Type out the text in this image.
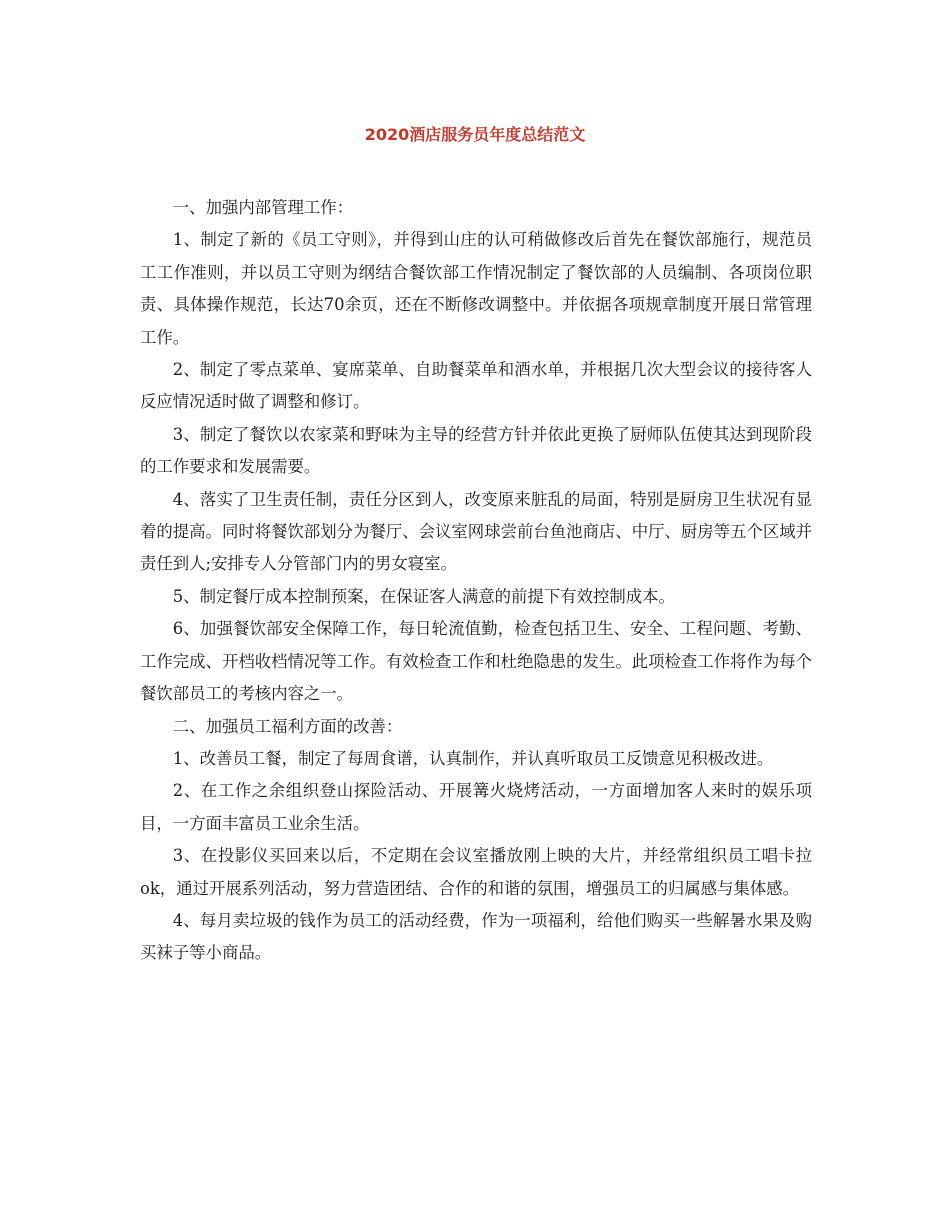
2020酒店服务员年度总结范文

一、加强内部管理工作：

1、制定了新的《员工守则》，并得到山庄的认可稍做修改后首先在餐饮部施行，规范员工工作准则，并以员工守则为纲结合餐饮部工作情况制定了餐饮部的人员编制、各项岗位职责、具体操作规范，长达70余页，还在不断修改调整中。并依据各项规章制度开展日常管理工作。

2、制定了零点菜单、宴席菜单、自助餐菜单和酒水单，并根据几次大型会议的接待客人反应情况适时做了调整和修订。

3、制定了餐饮以农家菜和野味为主导的经营方针并依此更换了厨师队伍使其达到现阶段的工作要求和发展需要。

4、落实了卫生责任制，责任分区到人，改变原来脏乱的局面，特别是厨房卫生状况有显着的提高。同时将餐饮部划分为餐厅、会议室网球尝前台鱼池商店、中厅、厨房等五个区域并责任到人;安排专人分管部门内的男女寝室。

5、制定餐厅成本控制预案，在保证客人满意的前提下有效控制成本。

6、加强餐饮部安全保障工作，每日轮流值勤，检查包括卫生、安全、工程问题、考勤、工作完成、开档收档情况等工作。有效检查工作和杜绝隐患的发生。此项检查工作将作为每个餐饮部员工的考核内容之一。

二、加强员工福利方面的改善：

1、改善员工餐，制定了每周食谱，认真制作，并认真听取员工反馈意见积极改进。

2、在工作之余组织登山探险活动、开展篝火烧烤活动，一方面增加客人来时的娱乐项目，一方面丰富员工业余生活。

3、在投影仪买回来以后，不定期在会议室播放刚上映的大片，并经常组织员工唱卡拉ok，通过开展系列活动，努力营造团结、合作的和谐的氛围，增强员工的归属感与集体感。

4、每月卖垃圾的钱作为员工的活动经费，作为一项福利，给他们购买一些解暑水果及购买袜子等小商品。
